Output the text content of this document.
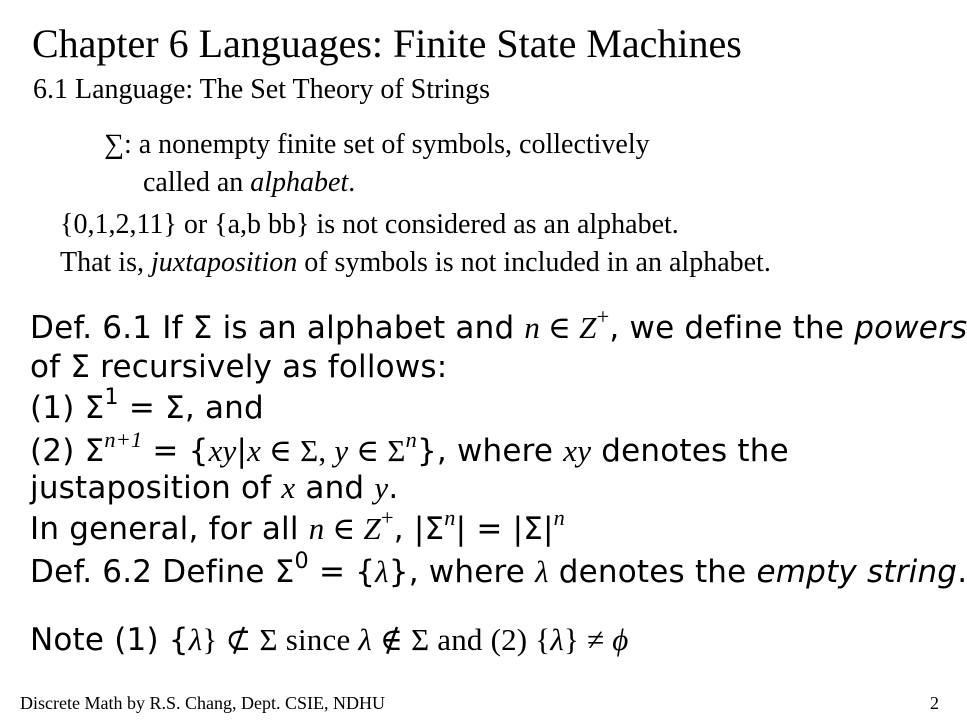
Chapter 6 Languages: Finite State Machines
6.1 Language: The Set Theory of Strings
∑: a nonempty finite set of symbols, collectively
called an alphabet.
{0,1,2,11} or {a,b bb} is not considered as an alphabet.
That is, juxtaposition of symbols is not included in an alphabet.
Def. 6.1 If Σ is an alphabet and n ∈ Z+, we define the powers
of Σ recursively as follows:
(1) $\Sigma^1 = \Sigma$, and
(2) $\Sigma^{n+1} = \{xy|x$ ∈ Σ, y ∈ $\Sigma^n$}, where xy denotes the
justaposition of x and y.
In general, for all n ∈ Z+, $|\Sigma^n| = |\Sigma|^n$
Def. 6.2 Define $\Sigma^0 = \{\lambda\}$, where λ denotes the empty string.
Note (1) {λ} ⊄ Σ since λ ∉ Σ and (2) {λ} ≠ ϕ
Discrete Math by R.S. Chang, Dept. CSIE, NDHU	2
